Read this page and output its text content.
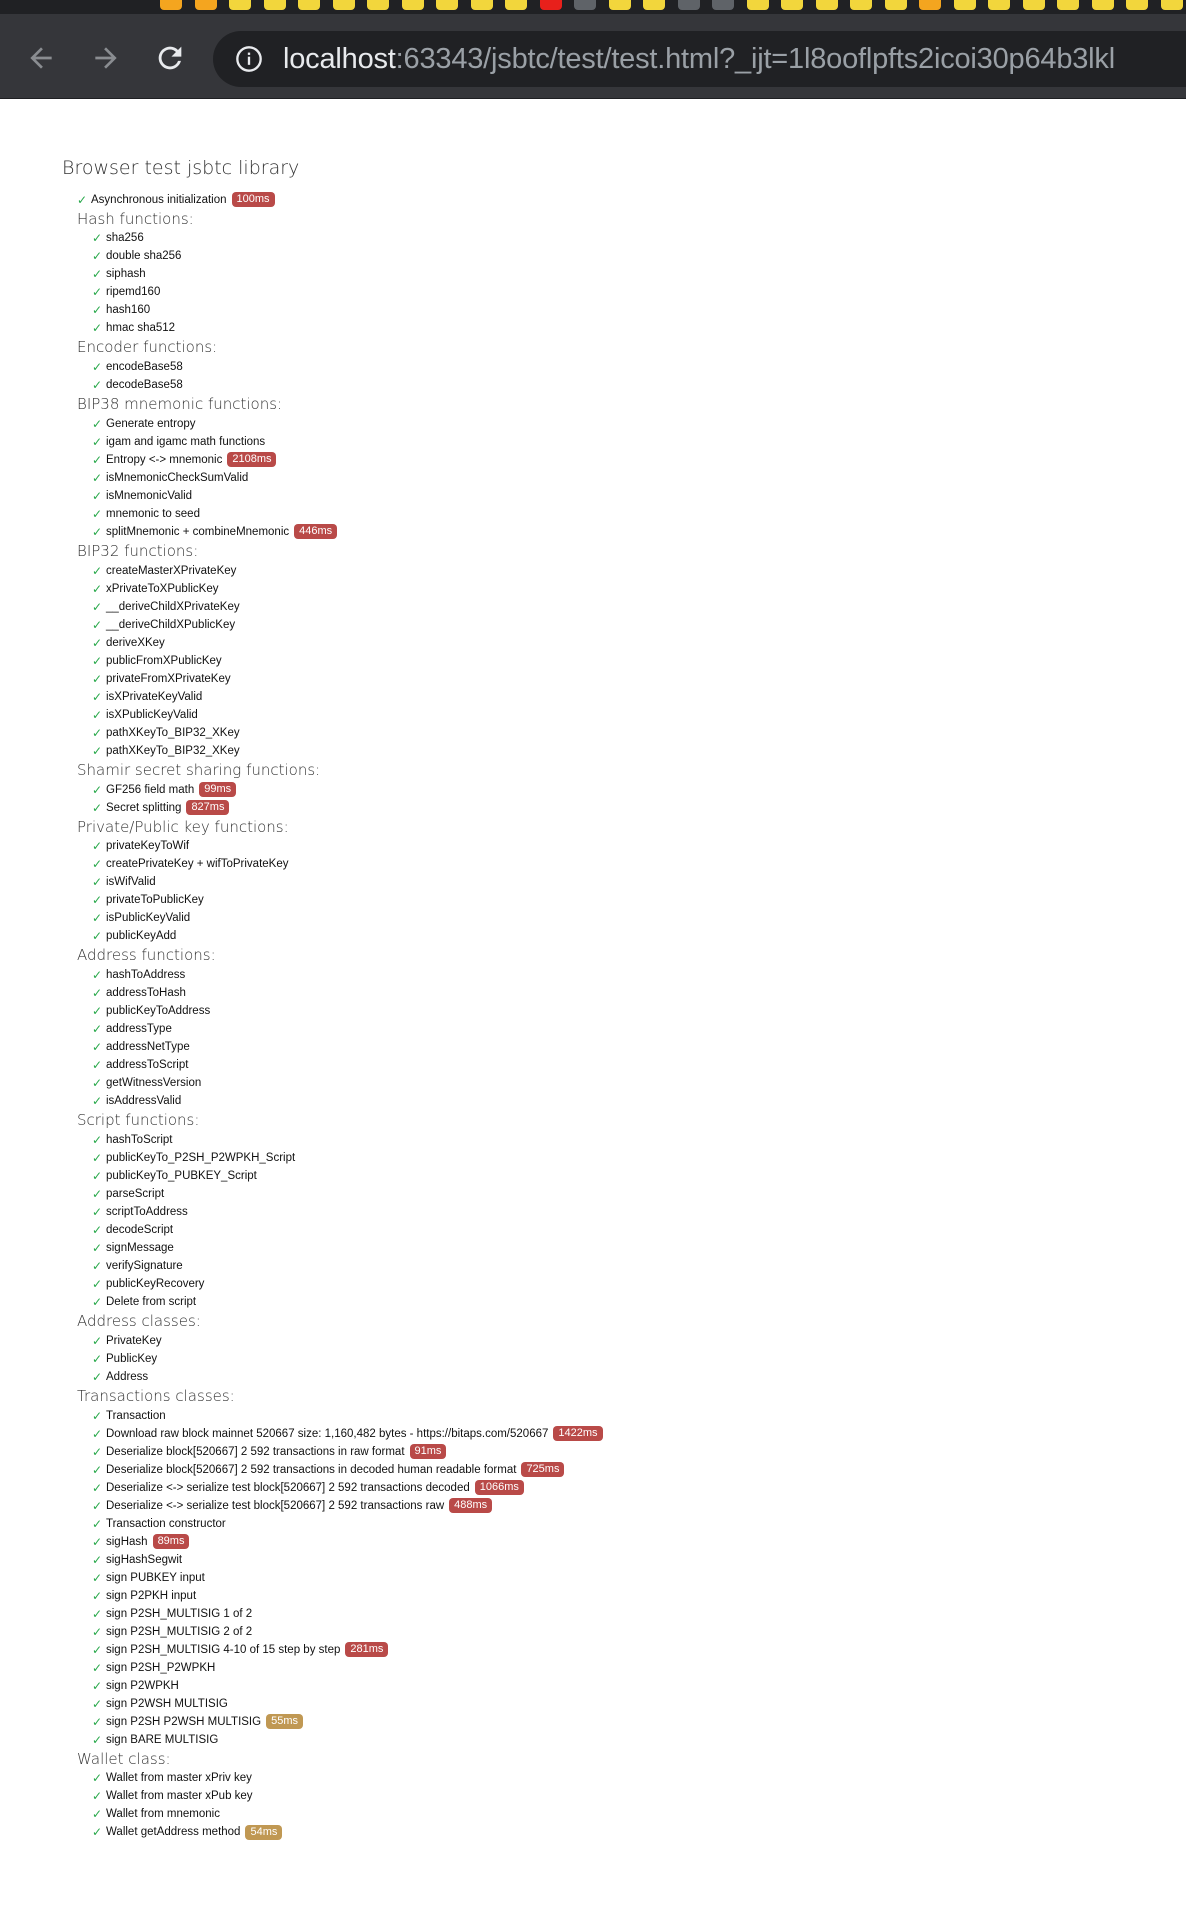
localhost:63343/jsbtc/test/test.html?_ijt=1l8ooflpfts2icoi30p64b3lkl
Browser test jsbtc library
✓ Asynchronous initialization 100ms
Hash functions:
✓ sha256
✓ double sha256
✓ siphash
✓ ripemd160
✓ hash160
✓ hmac sha512
Encoder functions:
✓ encodeBase58
✓ decodeBase58
BIP38 mnemonic functions:
✓ Generate entropy
✓ igam and igamc math functions
✓ Entropy <-> mnemonic 2108ms
✓ isMnemonicCheckSumValid
✓ isMnemonicValid
✓ mnemonic to seed
✓ splitMnemonic + combineMnemonic 446ms
BIP32 functions:
✓ createMasterXPrivateKey
✓ xPrivateToXPublicKey
✓ __deriveChildXPrivateKey
✓ __deriveChildXPublicKey
✓ deriveXKey
✓ publicFromXPublicKey
✓ privateFromXPrivateKey
✓ isXPrivateKeyValid
✓ isXPublicKeyValid
✓ pathXKeyTo_BIP32_XKey
✓ pathXKeyTo_BIP32_XKey
Shamir secret sharing functions:
✓ GF256 field math 99ms
✓ Secret splitting 827ms
Private/Public key functions:
✓ privateKeyToWif
✓ createPrivateKey + wifToPrivateKey
✓ isWifValid
✓ privateToPublicKey
✓ isPublicKeyValid
✓ publicKeyAdd
Address functions:
✓ hashToAddress
✓ addressToHash
✓ publicKeyToAddress
✓ addressType
✓ addressNetType
✓ addressToScript
✓ getWitnessVersion
✓ isAddressValid
Script functions:
✓ hashToScript
✓ publicKeyTo_P2SH_P2WPKH_Script
✓ publicKeyTo_PUBKEY_Script
✓ parseScript
✓ scriptToAddress
✓ decodeScript
✓ signMessage
✓ verifySignature
✓ publicKeyRecovery
✓ Delete from script
Address classes:
✓ PrivateKey
✓ PublicKey
✓ Address
Transactions classes:
✓ Transaction
✓ Download raw block mainnet 520667 size: 1,160,482 bytes - https://bitaps.com/520667 1422ms
✓ Deserialize block[520667] 2 592 transactions in raw format 91ms
✓ Deserialize block[520667] 2 592 transactions in decoded human readable format 725ms
✓ Deserialize <-> serialize test block[520667] 2 592 transactions decoded 1066ms
✓ Deserialize <-> serialize test block[520667] 2 592 transactions raw 488ms
✓ Transaction constructor
✓ sigHash 89ms
✓ sigHashSegwit
✓ sign PUBKEY input
✓ sign P2PKH input
✓ sign P2SH_MULTISIG 1 of 2
✓ sign P2SH_MULTISIG 2 of 2
✓ sign P2SH_MULTISIG 4-10 of 15 step by step 281ms
✓ sign P2SH_P2WPKH
✓ sign P2WPKH
✓ sign P2WSH MULTISIG
✓ sign P2SH P2WSH MULTISIG 55ms
✓ sign BARE MULTISIG
Wallet class:
✓ Wallet from master xPriv key
✓ Wallet from master xPub key
✓ Wallet from mnemonic
✓ Wallet getAddress method 54ms
